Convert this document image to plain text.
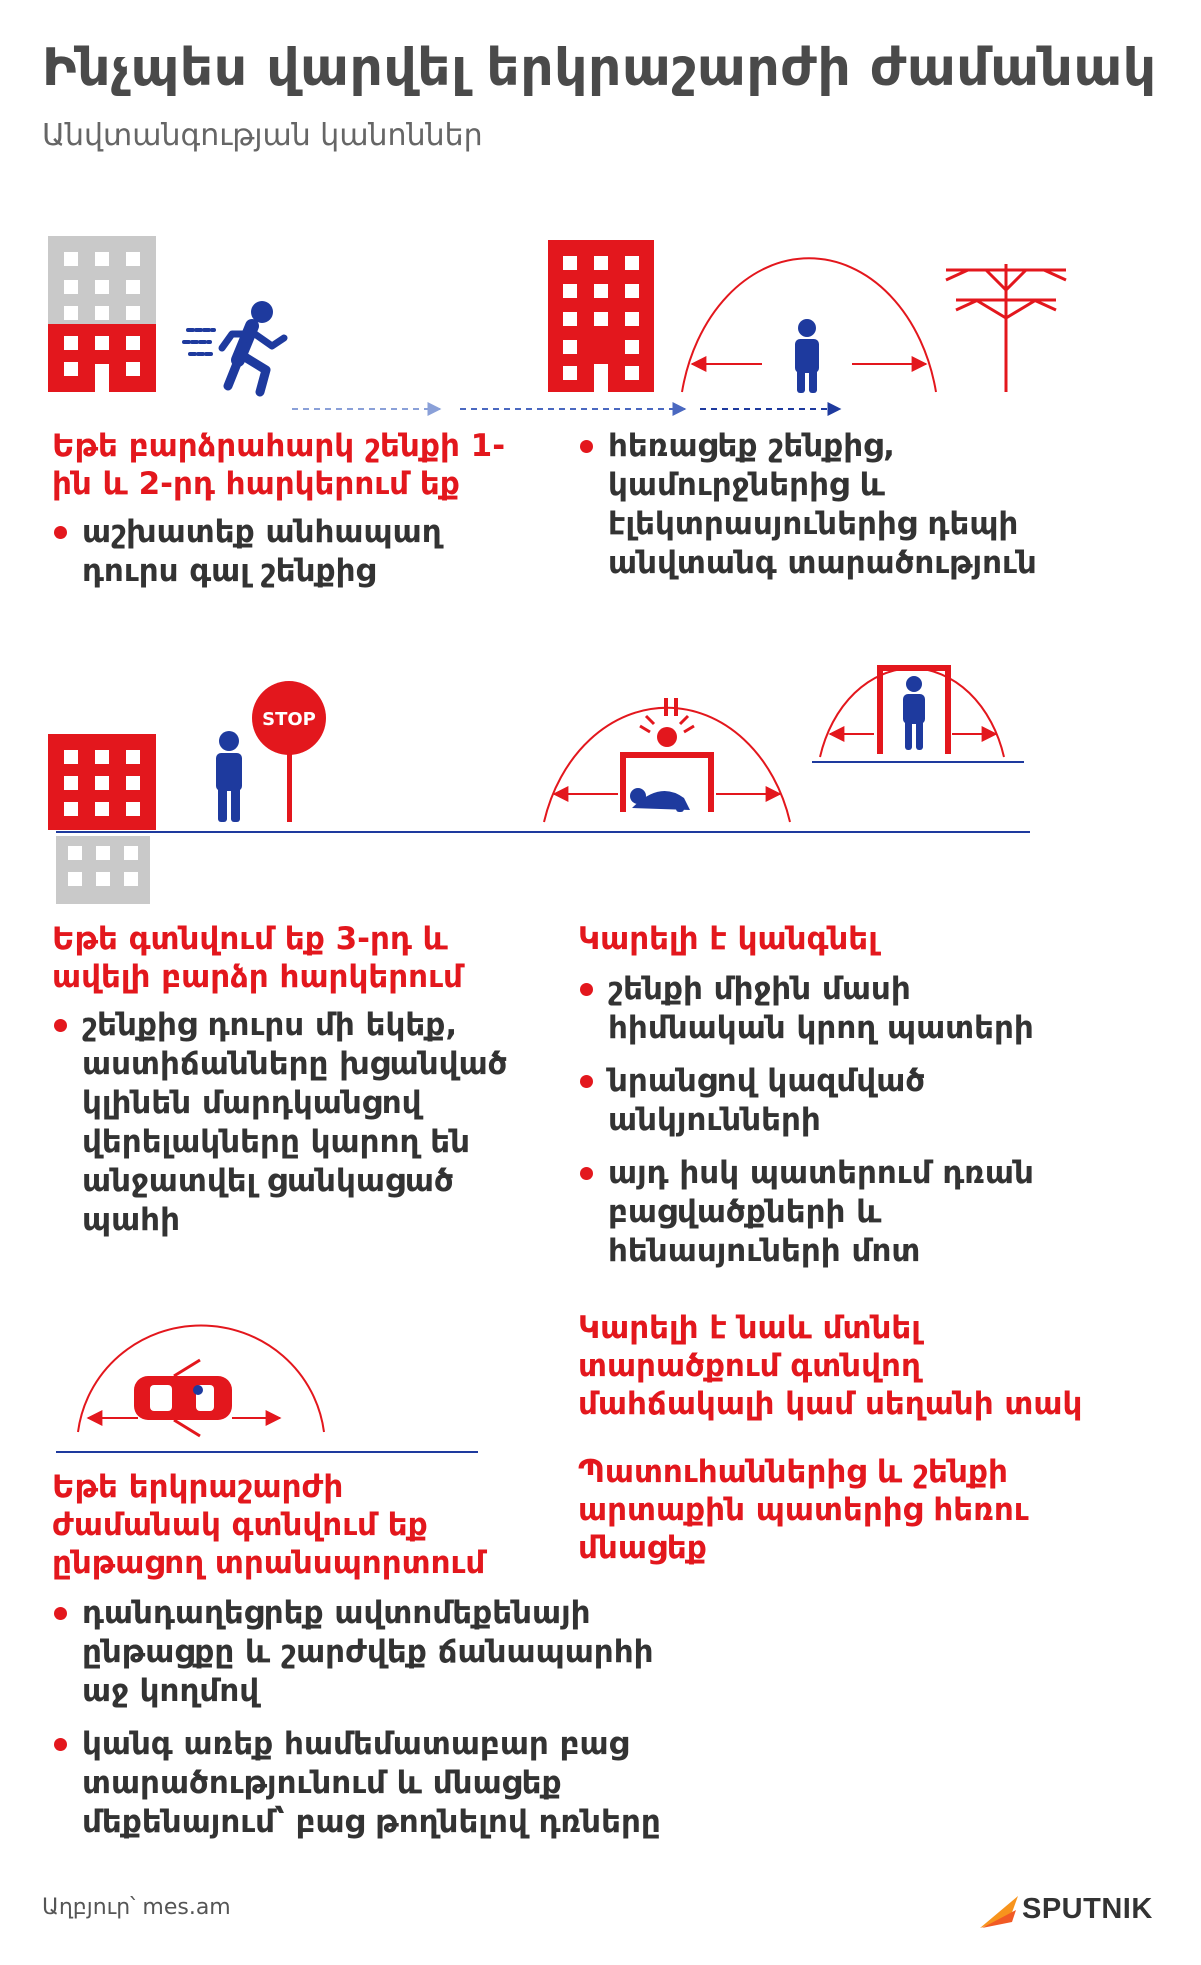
STOP
Ինչպես վարվել երկրաշարժի ժամանակ
Անվտանգության կանոններ

Եթե բարձրահարկ շենքի 1-ին և 2-րդ հարկերում եք

աշխատեք անհապաղ դուրս գալ շենքից
հեռացեք շենքից, կամուրջներից և էլեկտրասյուներից դեպի անվտանգ տարածություն

Եթե գտնվում եք 3-րդ և ավելի բարձր հարկերում

շենքից դուրս մի եկեք, աստիճանները խցանված կլինեն մարդկանցով վերելակները կարող են անջատվել ցանկացած պահի

Կարելի է կանգնել

շենքի միջին մասի հիմնական կրող պատերի
նրանցով կազմված անկյունների
այդ իսկ պատերում դռան բացվածքների և հենասյուների մոտ

Կարելի է նաև մտնել տարածքում գտնվող մահճակալի կամ սեղանի տակ

Պատուհաններից և շենքի արտաքին պատերից հեռու մնացեք

Եթե երկրաշարժի ժամանակ գտնվում եք ընթացող տրանսպորտում

դանդաղեցրեք ավտոմեքենայի ընթացքը և շարժվեք ճանապարհի աջ կողմով
կանգ առեք համեմատաբար բաց տարածությունում և մնացեք մեքենայում՝ բաց թողնելով դռները
Աղբյուր՝ mes.am	SPUTNIK
